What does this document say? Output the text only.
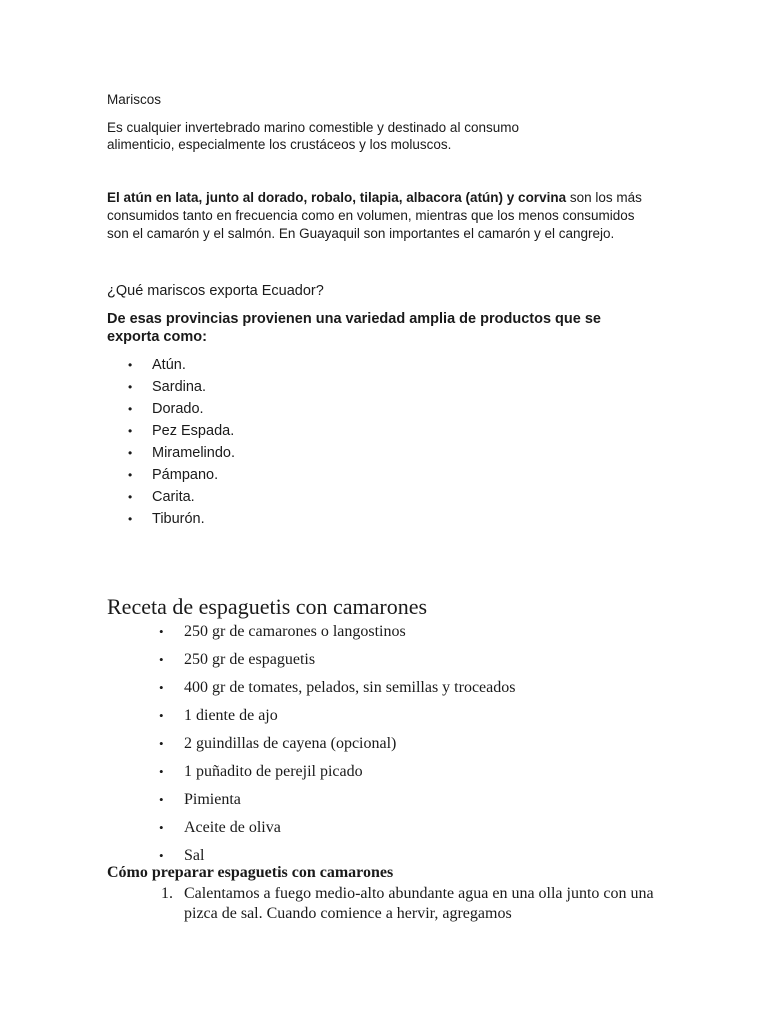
Mariscos

Es cualquier invertebrado marino comestible y destinado al consumo alimenticio, especialmente los crustáceos y los moluscos.

El atún en lata, junto al dorado, robalo, tilapia, albacora (atún) y corvina son los más consumidos tanto en frecuencia como en volumen, mientras que los menos consumidos son el camarón y el salmón. En Guayaquil son importantes el camarón y el cangrejo.

¿Qué mariscos exporta Ecuador?

De esas provincias provienen una variedad amplia de productos que se exporta como:

• Atún.
• Sardina.
• Dorado.
• Pez Espada.
• Miramelindo.
• Pámpano.
• Carita.
• Tiburón.
Receta de espaguetis con camarones
• 250 gr de camarones o langostinos
• 250 gr de espaguetis
• 400 gr de tomates, pelados, sin semillas y troceados
• 1 diente de ajo
• 2 guindillas de cayena (opcional)
• 1 puñadito de perejil picado
• Pimienta
• Aceite de oliva
• Sal
Cómo preparar espaguetis con camarones
1. Calentamos a fuego medio-alto abundante agua en una olla junto con una pizca de sal. Cuando comience a hervir, agregamos
